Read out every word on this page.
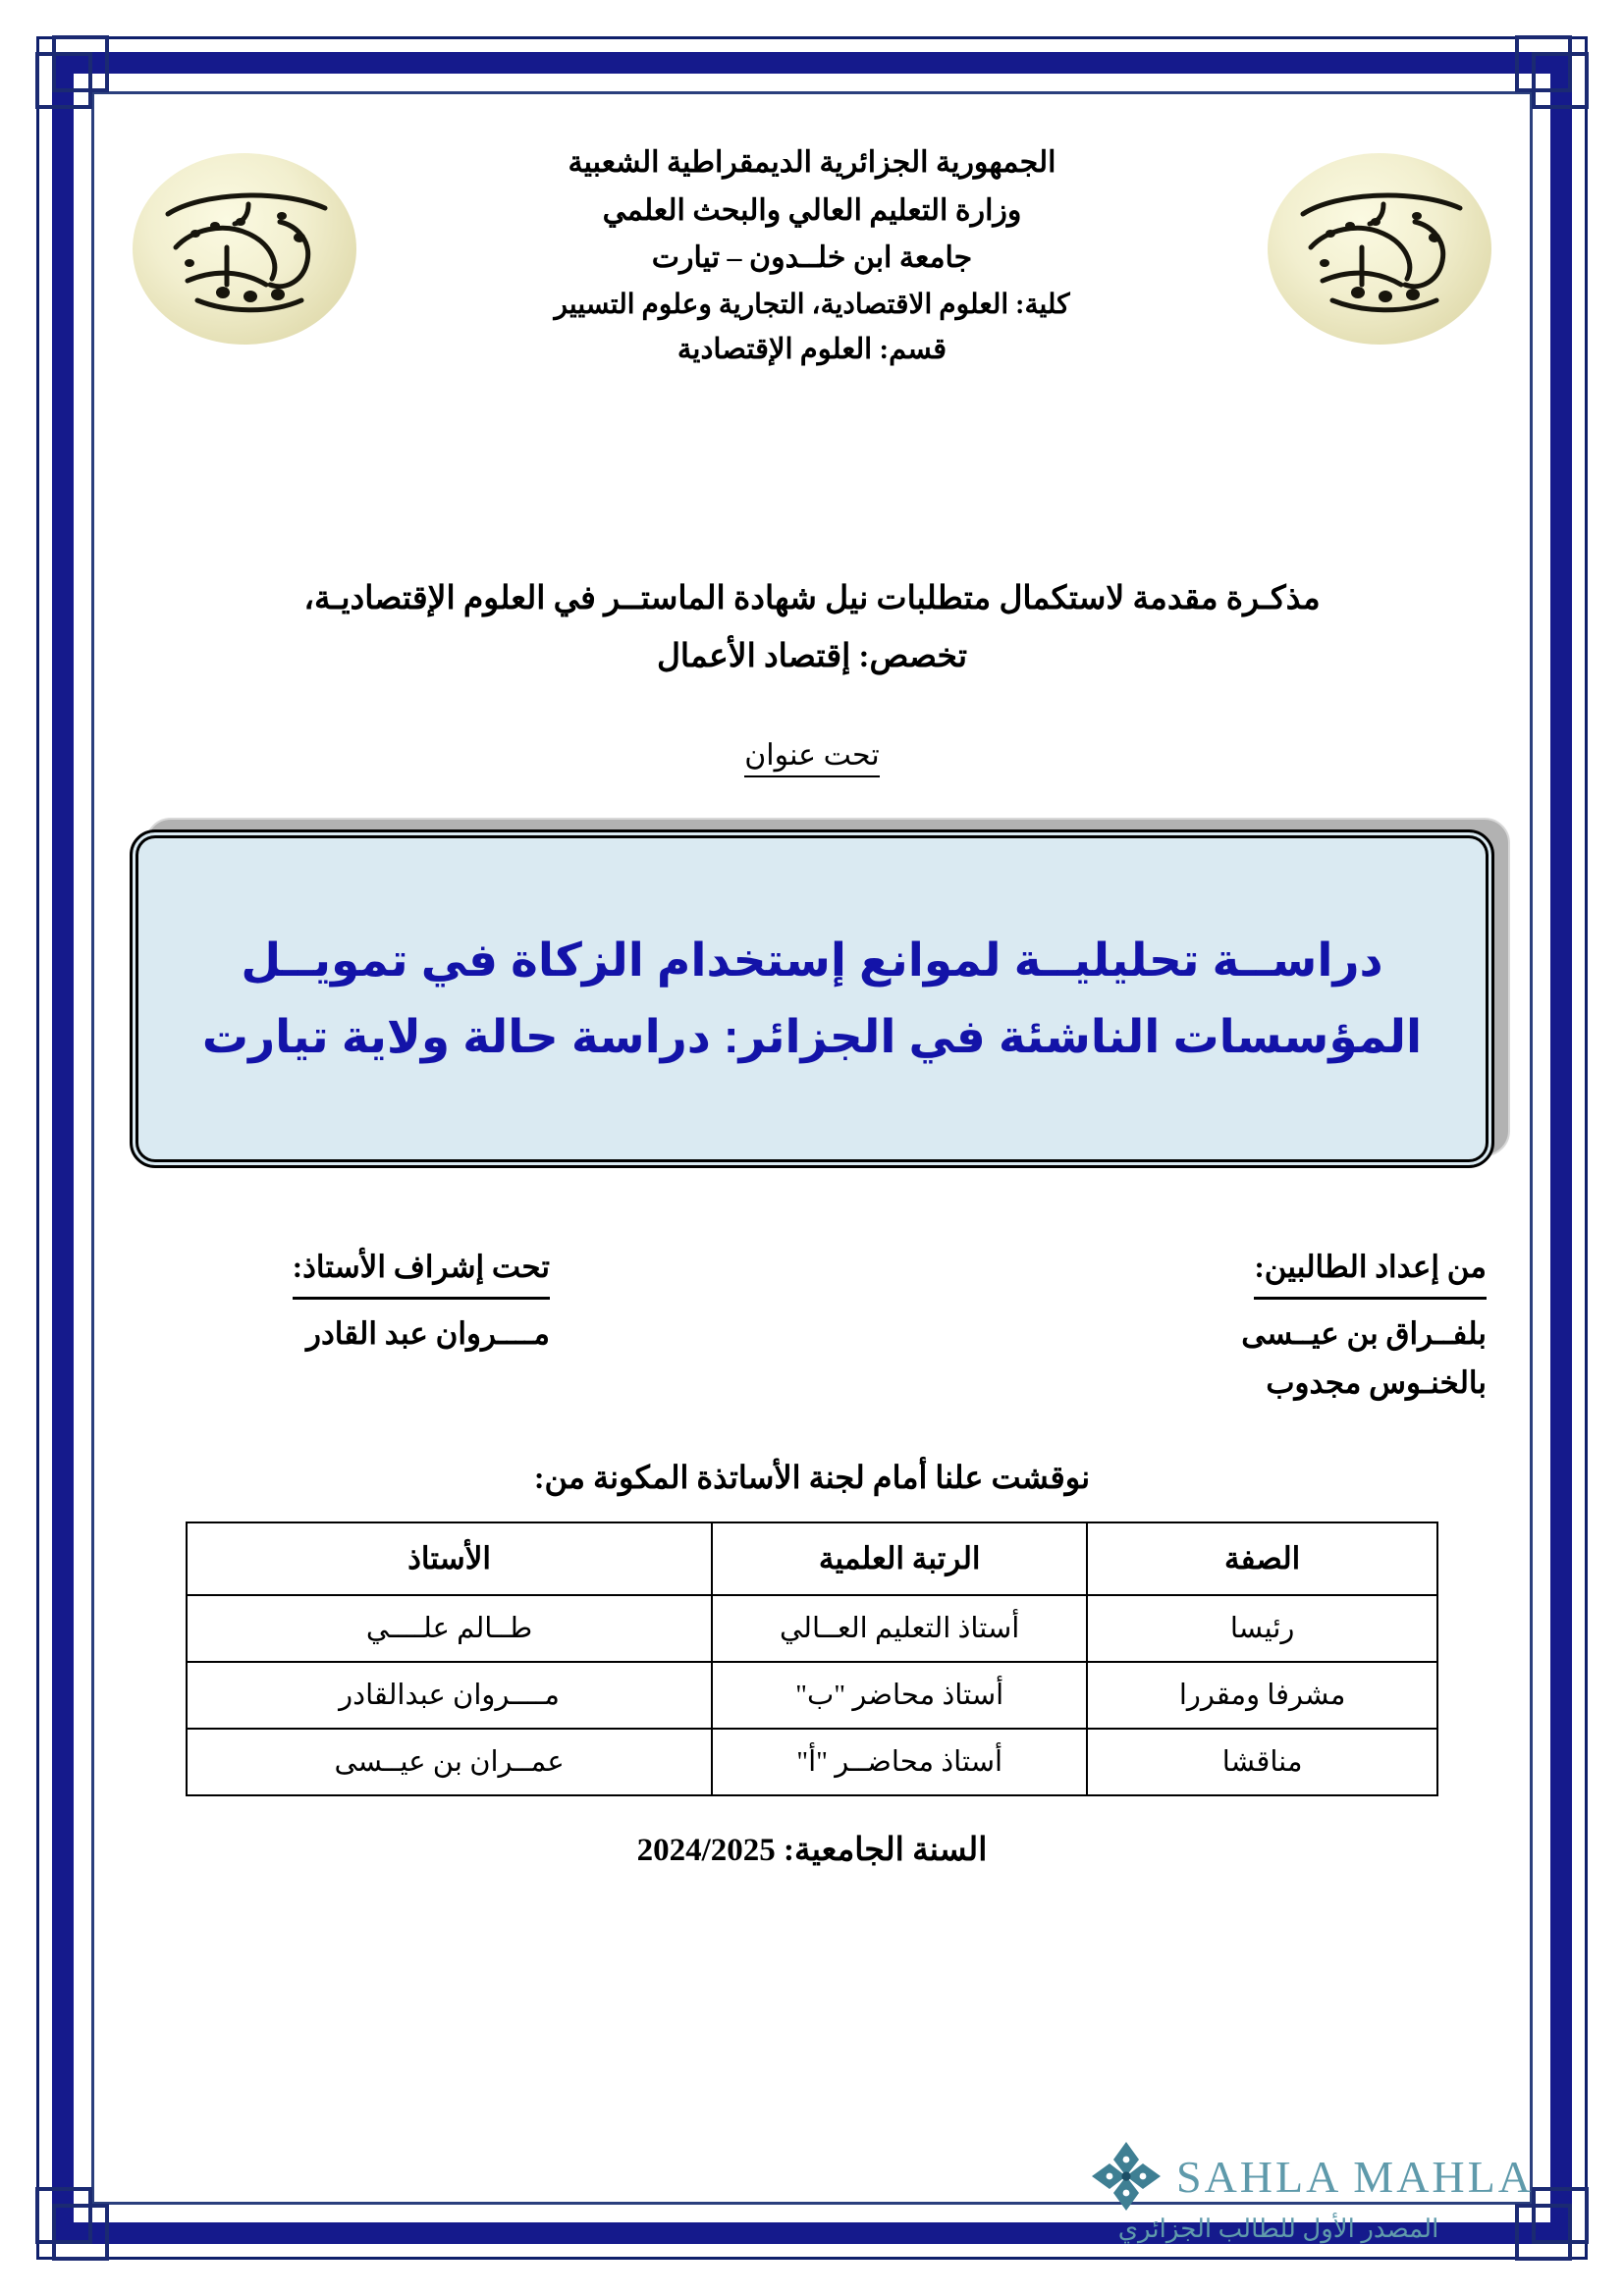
الجمهورية الجزائرية الديمقراطية الشعبية
وزارة التعليم العالي والبحث العلمي
جامعة ابن خلــدون – تيارت
كلية: العلوم الاقتصادية، التجارية وعلوم التسيير
قسم: العلوم الإقتصادية
مذكـرة مقدمة لاستكمال متطلبات نيل شهادة الماستــر في العلوم الإقتصاديـة،
تخصص: إقتصاد الأعمال
تحت عنوان
دراســة تحليليــة لموانع إستخدام الزكاة في تمويــل
المؤسسات الناشئة في الجزائر: دراسة حالة ولاية تيارت
من إعداد الطالبين:
بلفــراق بن عيــسى
بالخنـوس مجدوب
تحت إشراف الأستاذ:
مــــروان عبد القادر
نوقشت علنا أمام لجنة الأساتذة المكونة من:
الصفة	الرتبة العلمية	الأستاذ
رئيسا	أستاذ التعليم العــالي	طــالم علــــي
مشرفا ومقررا	أستاذ محاضر "ب"	مــــروان عبدالقادر
مناقشا	أستاذ محاضــر "أ"	عمــران بن عيــسى
السنة الجامعية: 2024/2025
SAHLA MAHLA
المصدر الأول للطالب الجزائري
